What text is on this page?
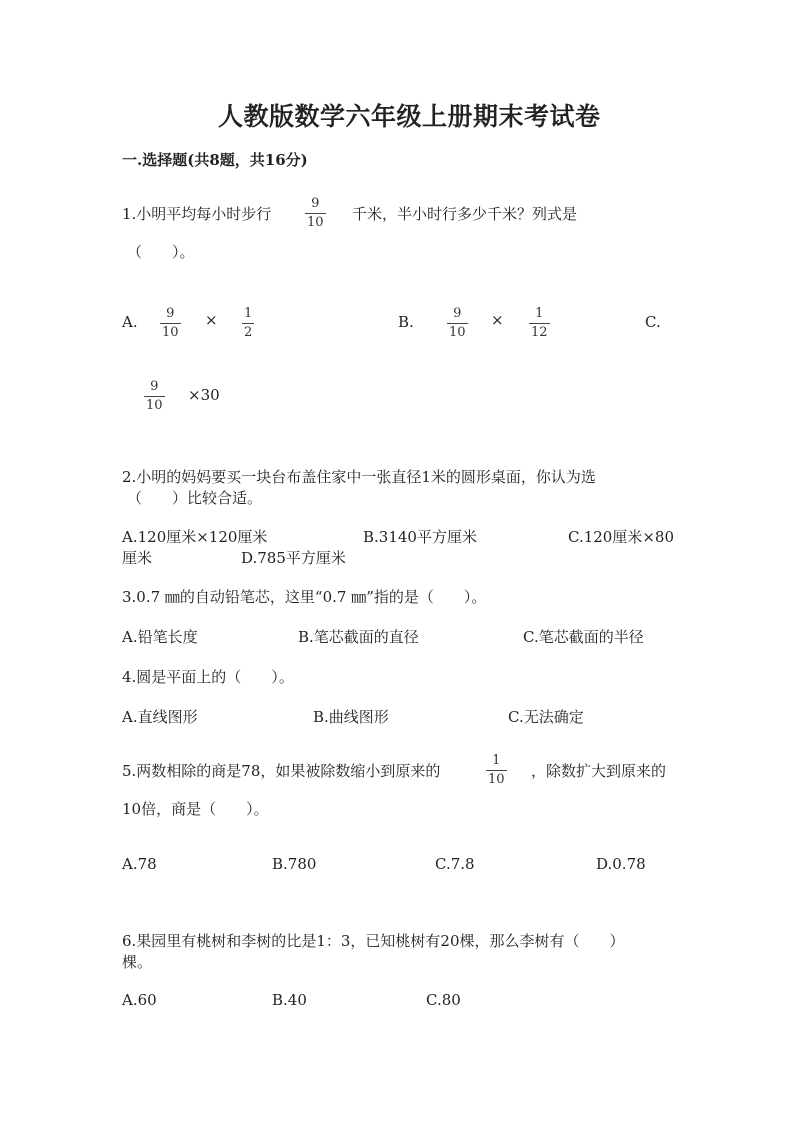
人教版数学六年级上册期末考试卷
一.选择题(共8题，共16分)
1.小明平均每小时步行	$\frac{9}{10}$ 千米，半小时行多少千米？列式是
（　　）。
A. $\frac{9}{10} \times \frac{1}{2}$	B.	$\frac{9}{10} \times \frac{1}{12}$	C.
$\frac{9}{10} \times 30$
2.小明的妈妈要买一块台布盖住家中一张直径1米的圆形桌面，你认为选
（　　）比较合适。
A.120厘米×120厘米	B.3140平方厘米	C.120厘米×80
厘米	D.785平方厘米
3.0.7 ㎜的自动铅笔芯，这里“0.7 ㎜”指的是（　　）。
A.铅笔长度	B.笔芯截面的直径	C.笔芯截面的半径
4.圆是平面上的（　　）。
A.直线图形	B.曲线图形	C.无法确定
5.两数相除的商是78，如果被除数缩小到原来的	$\frac{1}{10}$ ，除数扩大到原来的
10倍，商是（　　）。
A.78	B.780	C.7.8	D.0.78
6.果园里有桃树和李树的比是1：3，已知桃树有20棵，那么李树有（　　）
棵。
A.60	B.40	C.80
